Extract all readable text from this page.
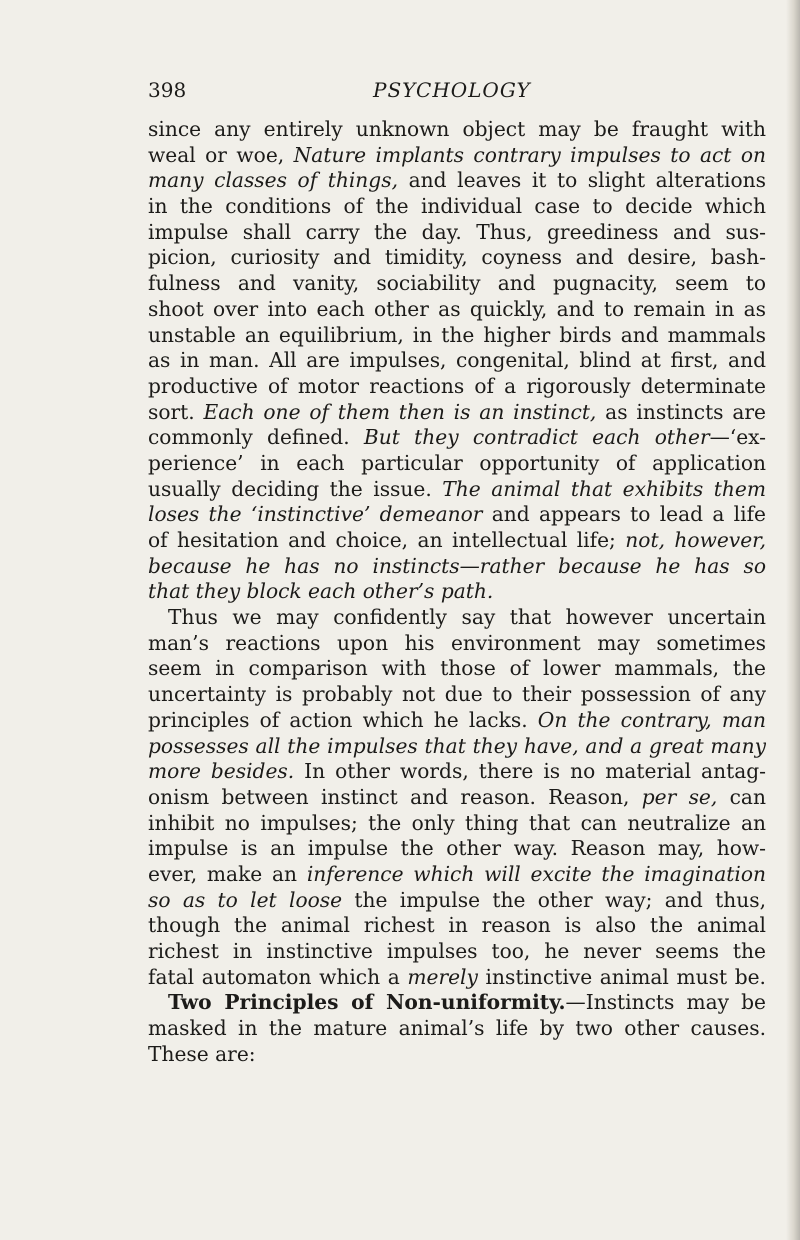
398	PSYCHOLOGY
since any entirely unknown object may be fraught with
weal or woe, Nature implants contrary impulses to act on
many classes of things, and leaves it to slight alterations
in the conditions of the individual case to decide which
impulse shall carry the day. Thus, greediness and sus-
picion, curiosity and timidity, coyness and desire, bash-
fulness and vanity, sociability and pugnacity, seem to
shoot over into each other as quickly, and to remain in as
unstable an equilibrium, in the higher birds and mammals
as in man. All are impulses, congenital, blind at first, and
productive of motor reactions of a rigorously determinate
sort. Each one of them then is an instinct, as instincts are
commonly defined. But they contradict each other—‘ex-
perience’ in each particular opportunity of application
usually deciding the issue. The animal that exhibits them
loses the ‘instinctive’ demeanor and appears to lead a life
of hesitation and choice, an intellectual life; not, however,
because he has no instincts—rather because he has so
that they block each other’s path.
Thus we may confidently say that however uncertain
man’s reactions upon his environment may sometimes
seem in comparison with those of lower mammals, the
uncertainty is probably not due to their possession of any
principles of action which he lacks. On the contrary, man
possesses all the impulses that they have, and a great many
more besides. In other words, there is no material antag-
onism between instinct and reason. Reason, per se, can
inhibit no impulses; the only thing that can neutralize an
impulse is an impulse the other way. Reason may, how-
ever, make an inference which will excite the imagination
so as to let loose the impulse the other way; and thus,
though the animal richest in reason is also the animal
richest in instinctive impulses too, he never seems the
fatal automaton which a merely instinctive animal must be.
Two Principles of Non-uniformity.—Instincts may be
masked in the mature animal’s life by two other causes.
These are:
